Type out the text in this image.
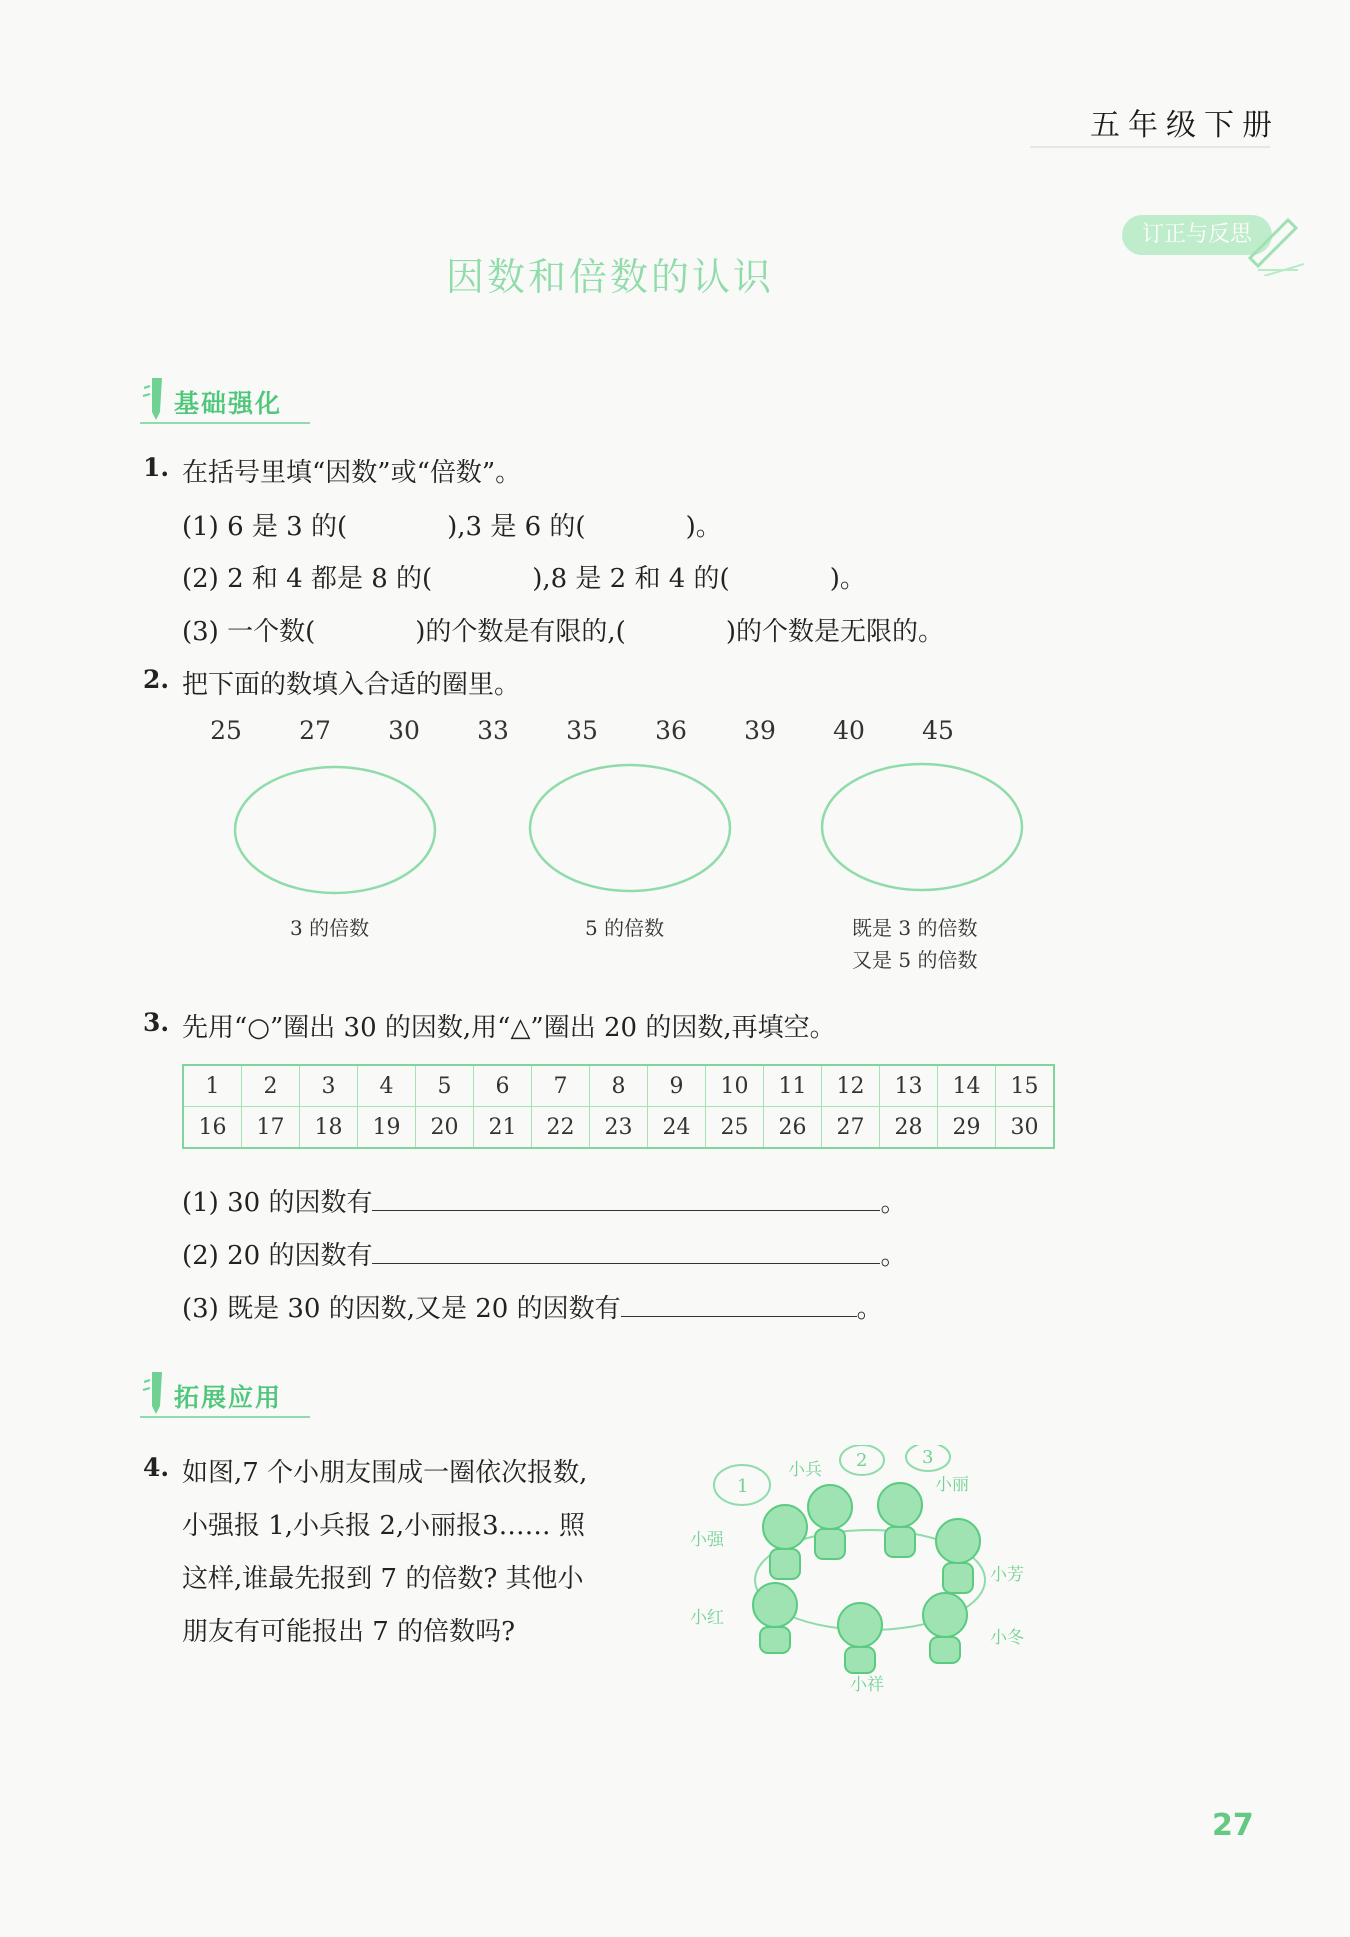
五年级下册
订正与反思
因数和倍数的认识
基础强化
1. 在括号里填“因数”或“倍数”。
(1) 6 是 3 的(	),3 是 6 的(	)。
(2) 2 和 4 都是 8 的(	),8 是 2 和 4 的(	)。
(3) 一个数(	)的个数是有限的,(	)的个数是无限的。
2. 把下面的数填入合适的圈里。
25	27	30	33	35	36	39	40	45
3 的倍数	5 的倍数	既是 3 的倍数
又是 5 的倍数
3. 先用“○”圈出 30 的因数,用“△”圈出 20 的因数,再填空。
1	2	3	4	5	6	7	8	9	10	11	12	13	14	15
16	17	18	19	20	21	22	23	24	25	26	27	28	29	30
(1) 30 的因数有	。
(2) 20 的因数有	。
(3) 既是 30 的因数,又是 20 的因数有	。
拓展应用
4. 如图,7 个小朋友围成一圈依次报数,
小强报 1,小兵报 2,小丽报3…… 照
这样,谁最先报到 7 的倍数? 其他小
朋友有可能报出 7 的倍数吗?
1
2	3
小强
小兵
小丽
小芳
小冬
小祥
小红
27
